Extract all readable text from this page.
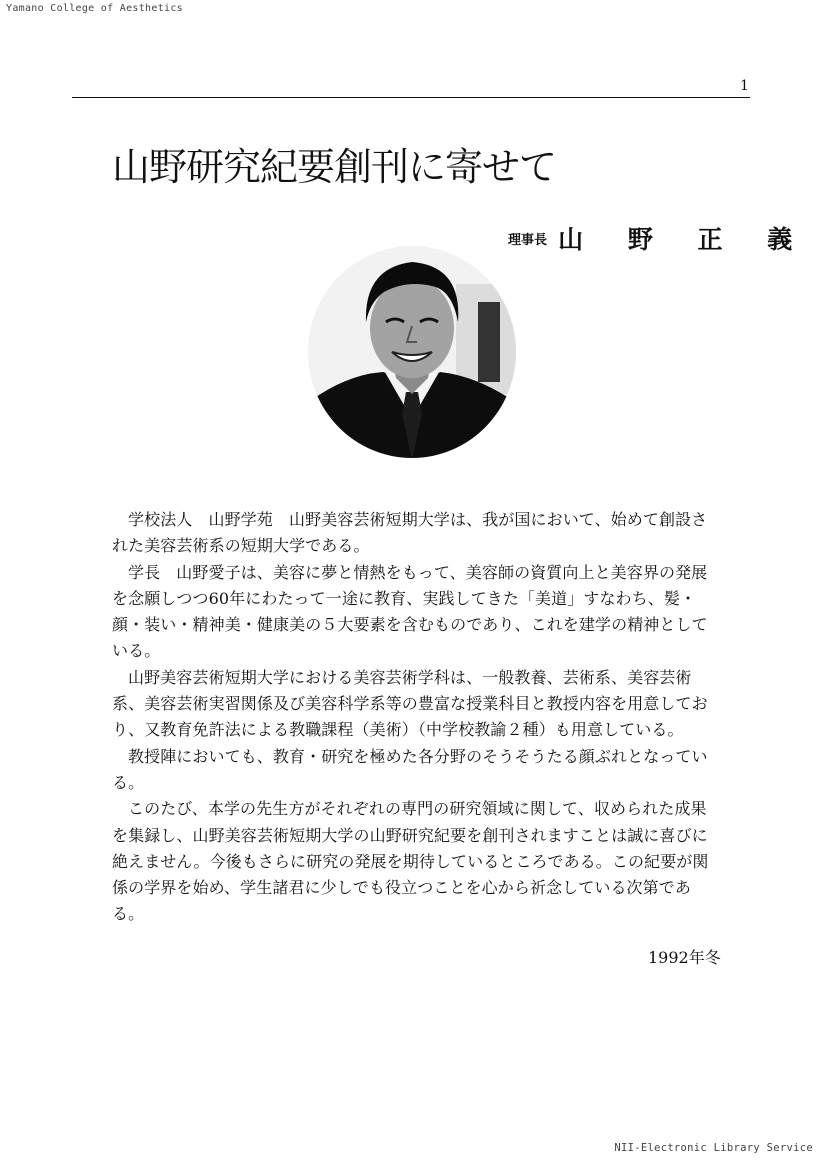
Yamano College of Aesthetics
1
山野研究紀要創刊に寄せて
理事長 山 野 正 義

学校法人　山野学苑　山野美容芸術短期大学は、我が国において、始めて創設された美容芸術系の短期大学である。

学長　山野愛子は、美容に夢と情熱をもって、美容師の資質向上と美容界の発展を念願しつつ60年にわたって一途に教育、実践してきた「美道」すなわち、髪・顔・装い・精神美・健康美の５大要素を含むものであり、これを建学の精神としている。

山野美容芸術短期大学における美容芸術学科は、一般教養、芸術系、美容芸術系、美容芸術実習関係及び美容科学系等の豊富な授業科目と教授内容を用意しており、又教育免許法による教職課程（美術）（中学校教諭２種）も用意している。

教授陣においても、教育・研究を極めた各分野のそうそうたる顔ぶれとなっている。

このたび、本学の先生方がそれぞれの専門の研究領域に関して、収められた成果を集録し、山野美容芸術短期大学の山野研究紀要を創刊されますことは誠に喜びに絶えません。今後もさらに研究の発展を期待しているところである。この紀要が関係の学界を始め、学生諸君に少しでも役立つことを心から祈念している次第である。

1992年冬
NII-Electronic Library Service
